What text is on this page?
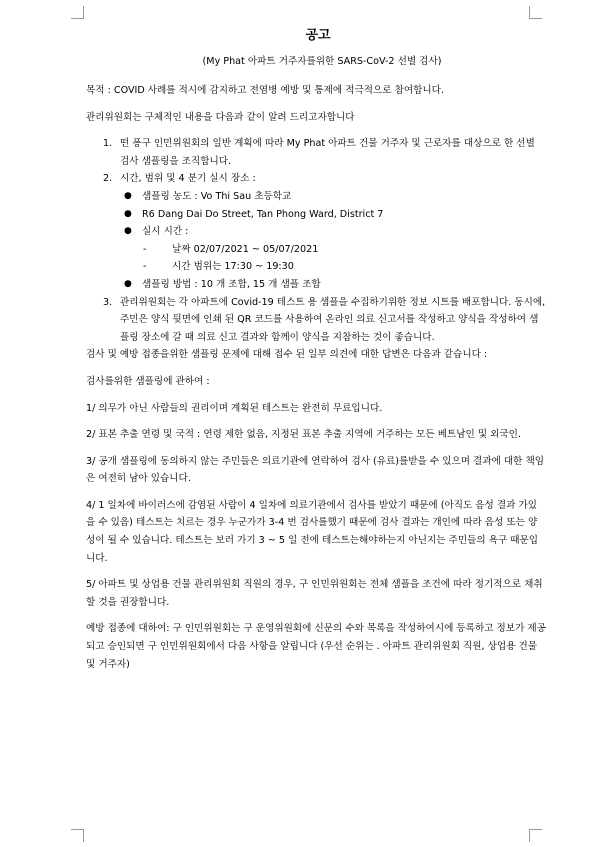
공고
(My Phat 아파트 거주자를위한 SARS-CoV-2 선별 검사)

목적 : COVID 사례를 적시에 감지하고 전염병 예방 및 통제에 적극적으로 참여합니다.

관리위원회는 구체적인 내용을 다음과 같이 알려 드리고자합니다

1. 떤 퐁구 인민위원회의 일반 계획에 따라 My Phat 아파트 건물 거주자 및 근로자를 대상으로 한 선별 검사 샘플링을 조직합니다.
2. 시간, 범위 및 4 분기 실시 장소 :
● 샘플링 농도 : Vo Thi Sau 초등학교
● R6 Dang Dai Do Street, Tan Phong Ward, District 7
● 실시 시간 :
-	날짜 02/07/2021 ~ 05/07/2021
-	시간 범위는 17:30 ~ 19:30
● 샘플링 방법 : 10 개 조합, 15 개 샘플 조합
3. 관리위원회는 각 아파트에 Covid-19 테스트 용 샘플을 수집하기위한 정보 시트를 배포합니다. 동시에, 주민은 양식 뒷면에 인쇄 된 QR 코드를 사용하여 온라인 의료 신고서를 작성하고 양식을 작성하여 샘플링 장소에 갈 때 의료 신고 결과와 함께이 양식을 지참하는 것이 좋습니다.

검사 및 예방 접종을위한 샘플링 문제에 대해 접수 된 일부 의견에 대한 답변은 다음과 같습니다 :

검사를위한 샘플링에 관하여 :

1/ 의무가 아닌 사람들의 권리이며 계획된 테스트는 완전히 무료입니다.

2/ 표본 추출 연령 및 국적 : 연령 제한 없음, 지정된 표본 추출 지역에 거주하는 모든 베트남인 및 외국인.

3/ 공개 샘플링에 동의하지 않는 주민들은 의료기관에 연락하여 검사 (유료)를받을 수 있으며 결과에 대한 책임은 여전히 남아 있습니다.

4/ 1 일차에 바이러스에 감염된 사람이 4 일차에 의료기관에서 검사를 받았기 때문에 (아직도 음성 결과 가있을 수 있음) 테스트는 치르는 경우 누군가가 3-4 번 검사를했기 때문에 검사 결과는 개인에 따라 음성 또는 양성이 될 수 있습니다. 테스트는 보러 가기 3 ~ 5 일 전에 테스트는해야하는지 아닌지는 주민들의 욕구 때문입니다.

5/ 아파트 및 상업용 건물 관리위원회 직원의 경우, 구 인민위원회는 전체 샘플을 조건에 따라 정기적으로 채취 할 것을 권장합니다.

예방 접종에 대하여: 구 인민위원회는 구 운영위원회에 신문의 수와 목록을 작성하여시에 등록하고 정보가 제공되고 승인되면 구 인민위원회에서 다음 사항을 알립니다 (우선 순위는 . 아파트 관리위원회 직원, 상업용 건물 및 거주자)
